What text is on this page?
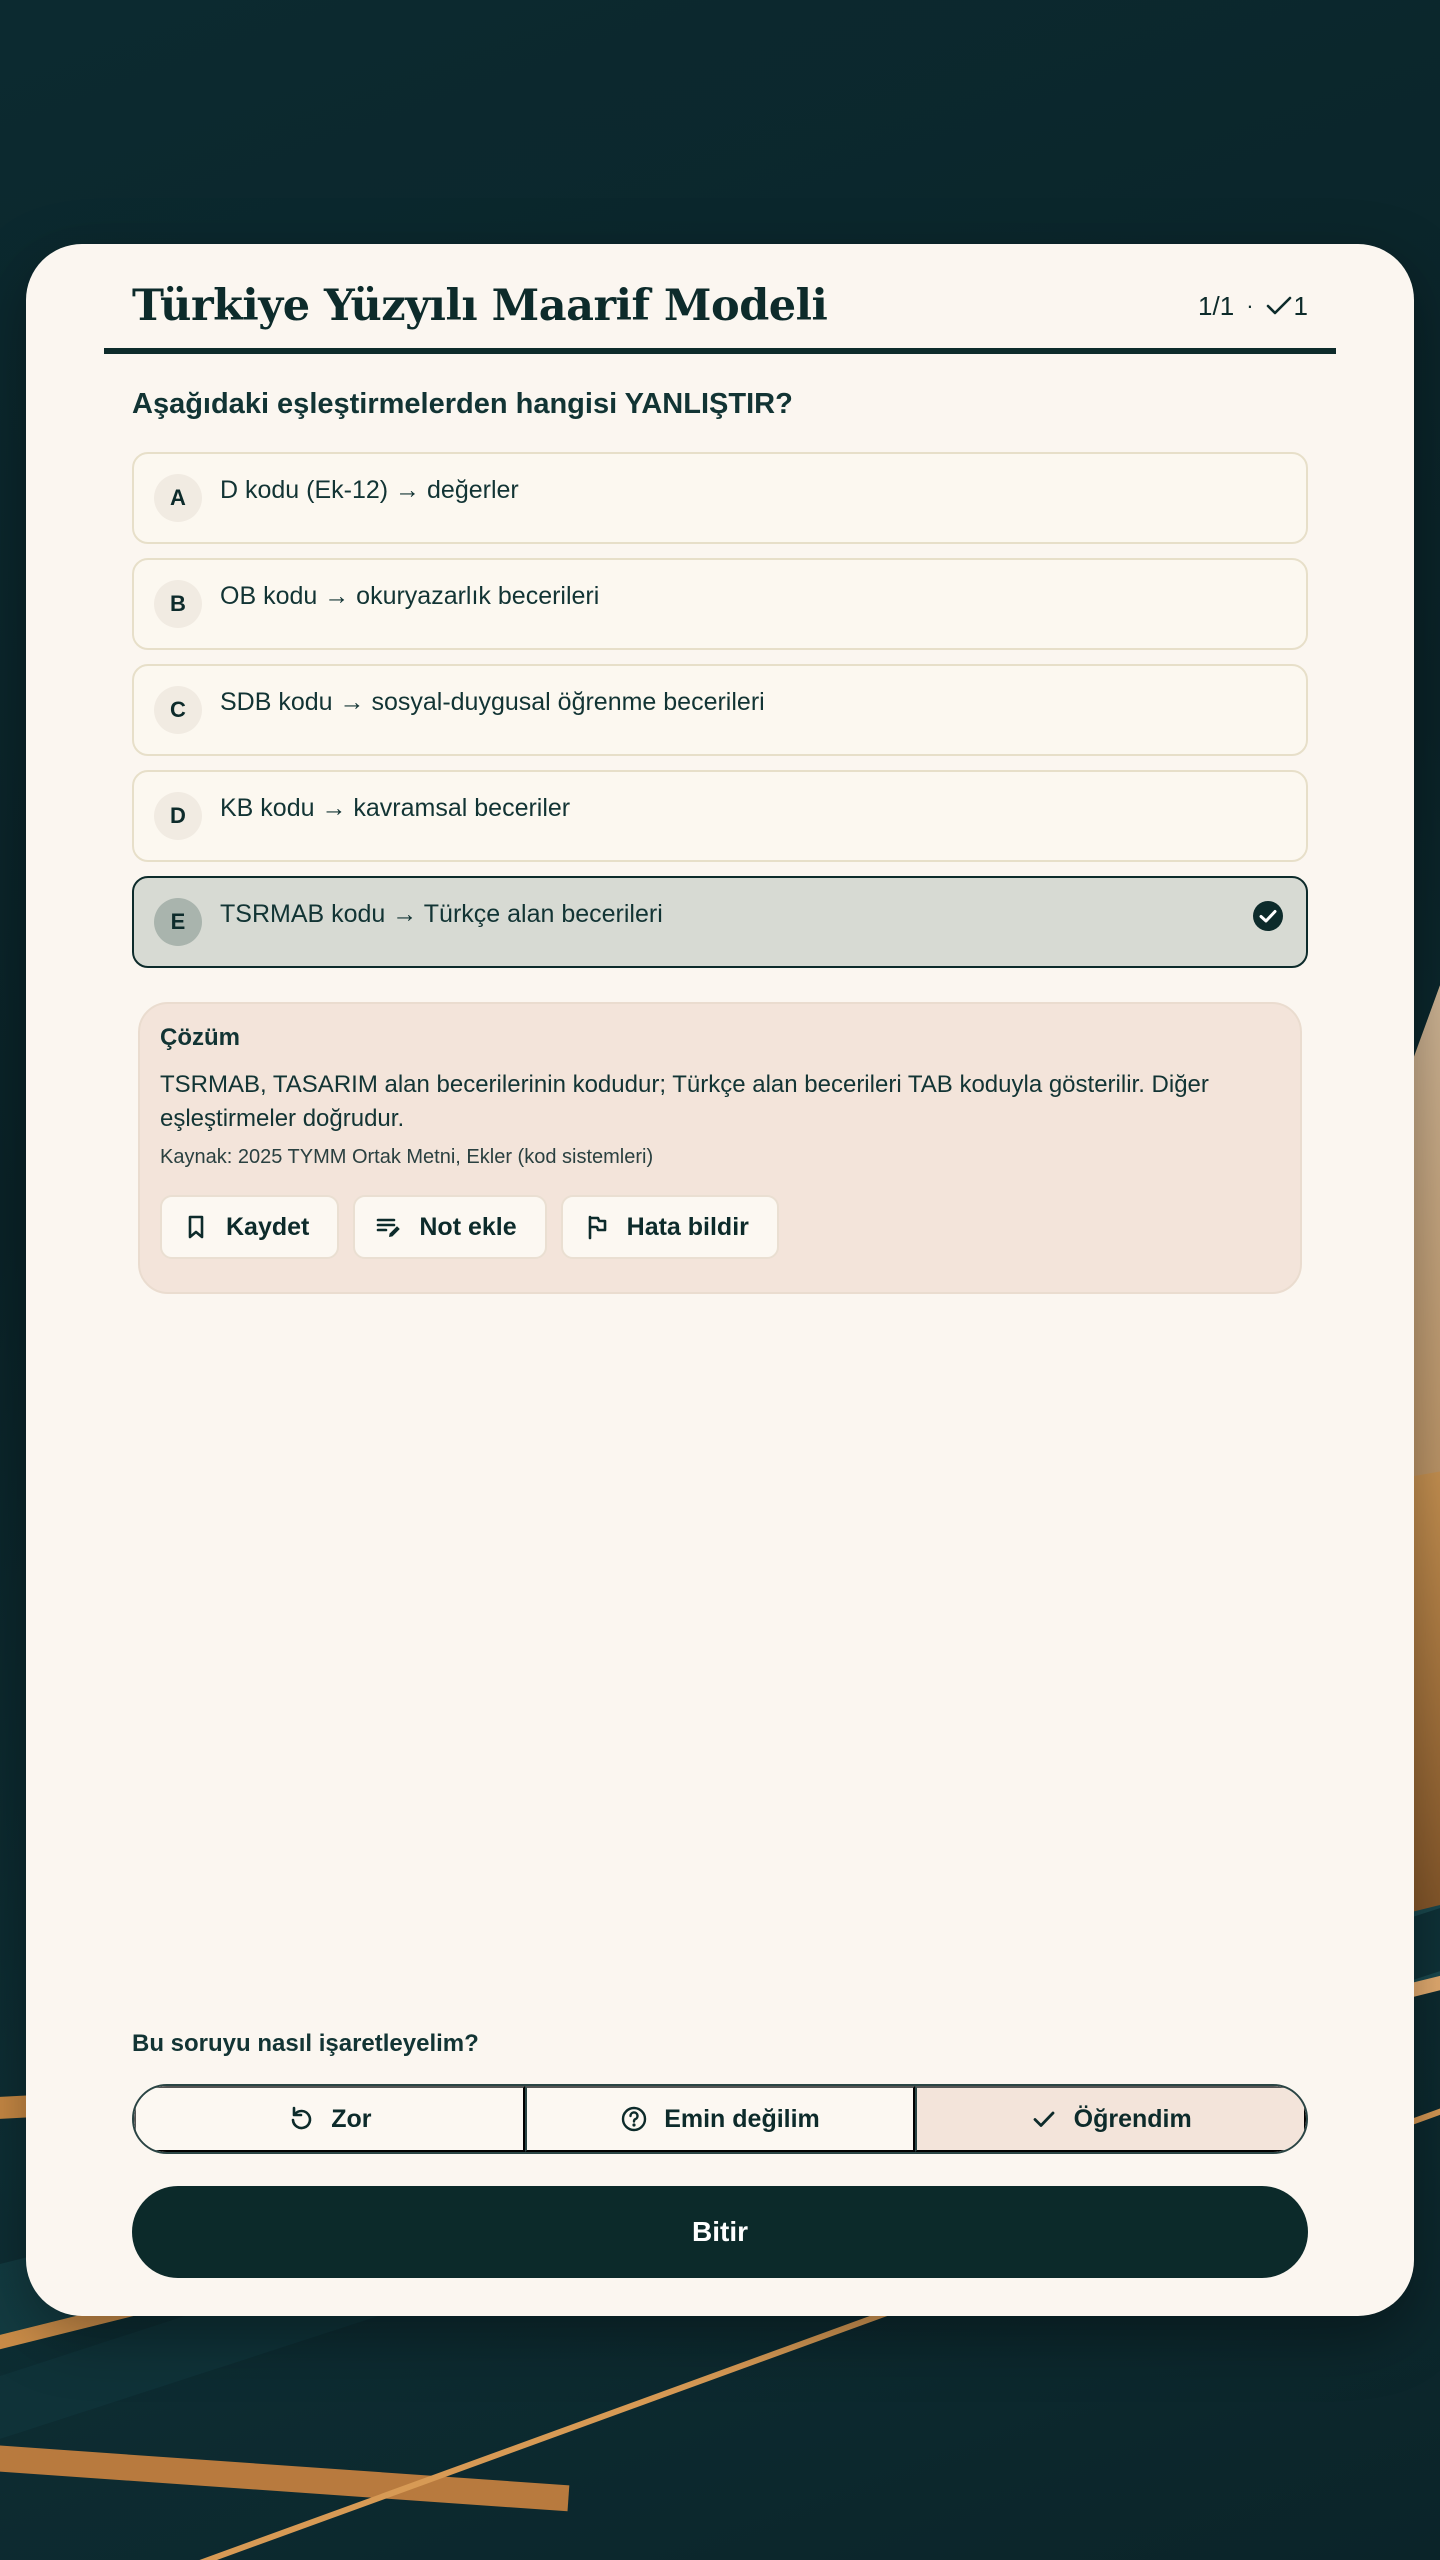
Türkiye Yüzyılı Maarif Modeli	1/1 · 1
Aşağıdaki eşleştirmelerden hangisi YANLIŞTIR?
A	D kodu (Ek-12) → değerler
B	OB kodu → okuryazarlık becerileri
C	SDB kodu → sosyal-duygusal öğrenme becerileri
D	KB kodu → kavramsal beceriler
E	TSRMAB kodu → Türkçe alan becerileri
Çözüm
TSRMAB, TASARIM alan becerilerinin kodudur; Türkçe alan becerileri TAB koduyla gösterilir. Diğer eşleştirmeler doğrudur.
Kaynak: 2025 TYMM Ortak Metni, Ekler (kod sistemleri)
Kaydet	Not ekle	Hata bildir
Bu soruyu nasıl işaretleyelim?
Zor	Emin değilim	Öğrendim
Bitir
